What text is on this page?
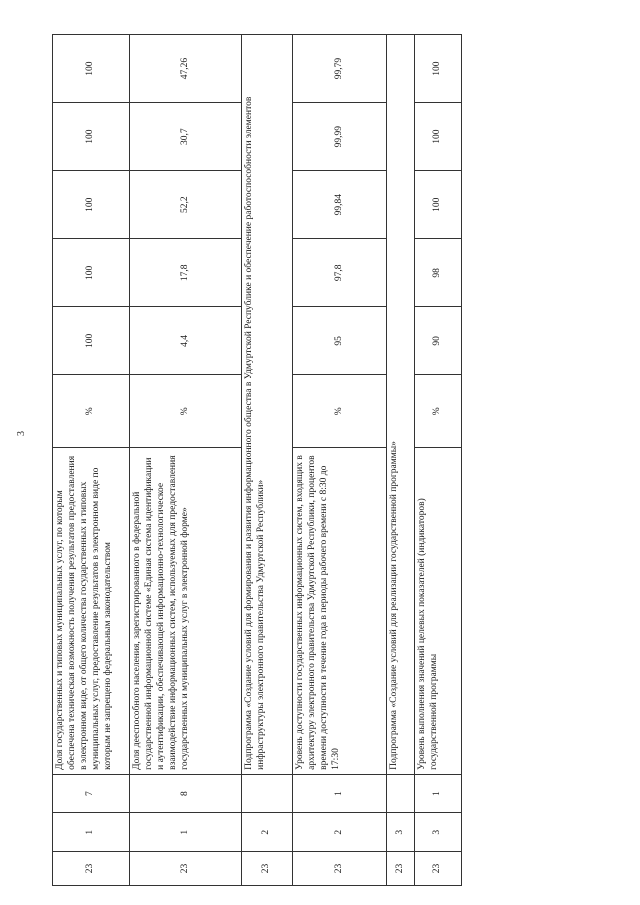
3
23	1	7	Доля государственных и типовых муниципальных услуг, по которым обеспечена техническая возможность получения результатов предоставления в электронном виде, от общего количества государственных и типовых муниципальных услуг, предоставление результатов в электронном виде по которым не запрещено федеральным законодательством	%	100	100	100	100	100
23	1	8	Доля дееспособного населения, зарегистрированного в федеральной государственной информационной системе «Единая система идентификации и аутентификации, обеспечивающей информационно-технологическое взаимодействие информационных систем, используемых для предоставления государственных и муниципальных услуг в электронной форме»	%	4,4	17,8	52,2	30,7	47,26
23	2		Подпрограмма «Создание условий для формирования и развития информационного общества в Удмуртской Республике и обеспечение работоспособности элементов инфраструктуры электронного правительства Удмуртской Республики»						
23	2	1	Уровень доступности государственных информационных систем, входящих в архитектуру электронного правительства Удмуртской Республики, процентов времени доступности в течение года в периоды рабочего времени с 8:30 до 17:30	%	95	97,8	99,84	99,99	99,79
23	3		Подпрограмма «Создание условий для реализации государственной программы»						
23	3	1	Уровень выполнения значений целевых показателей (индикаторов) государственной программы	%	90	98	100	100	100
